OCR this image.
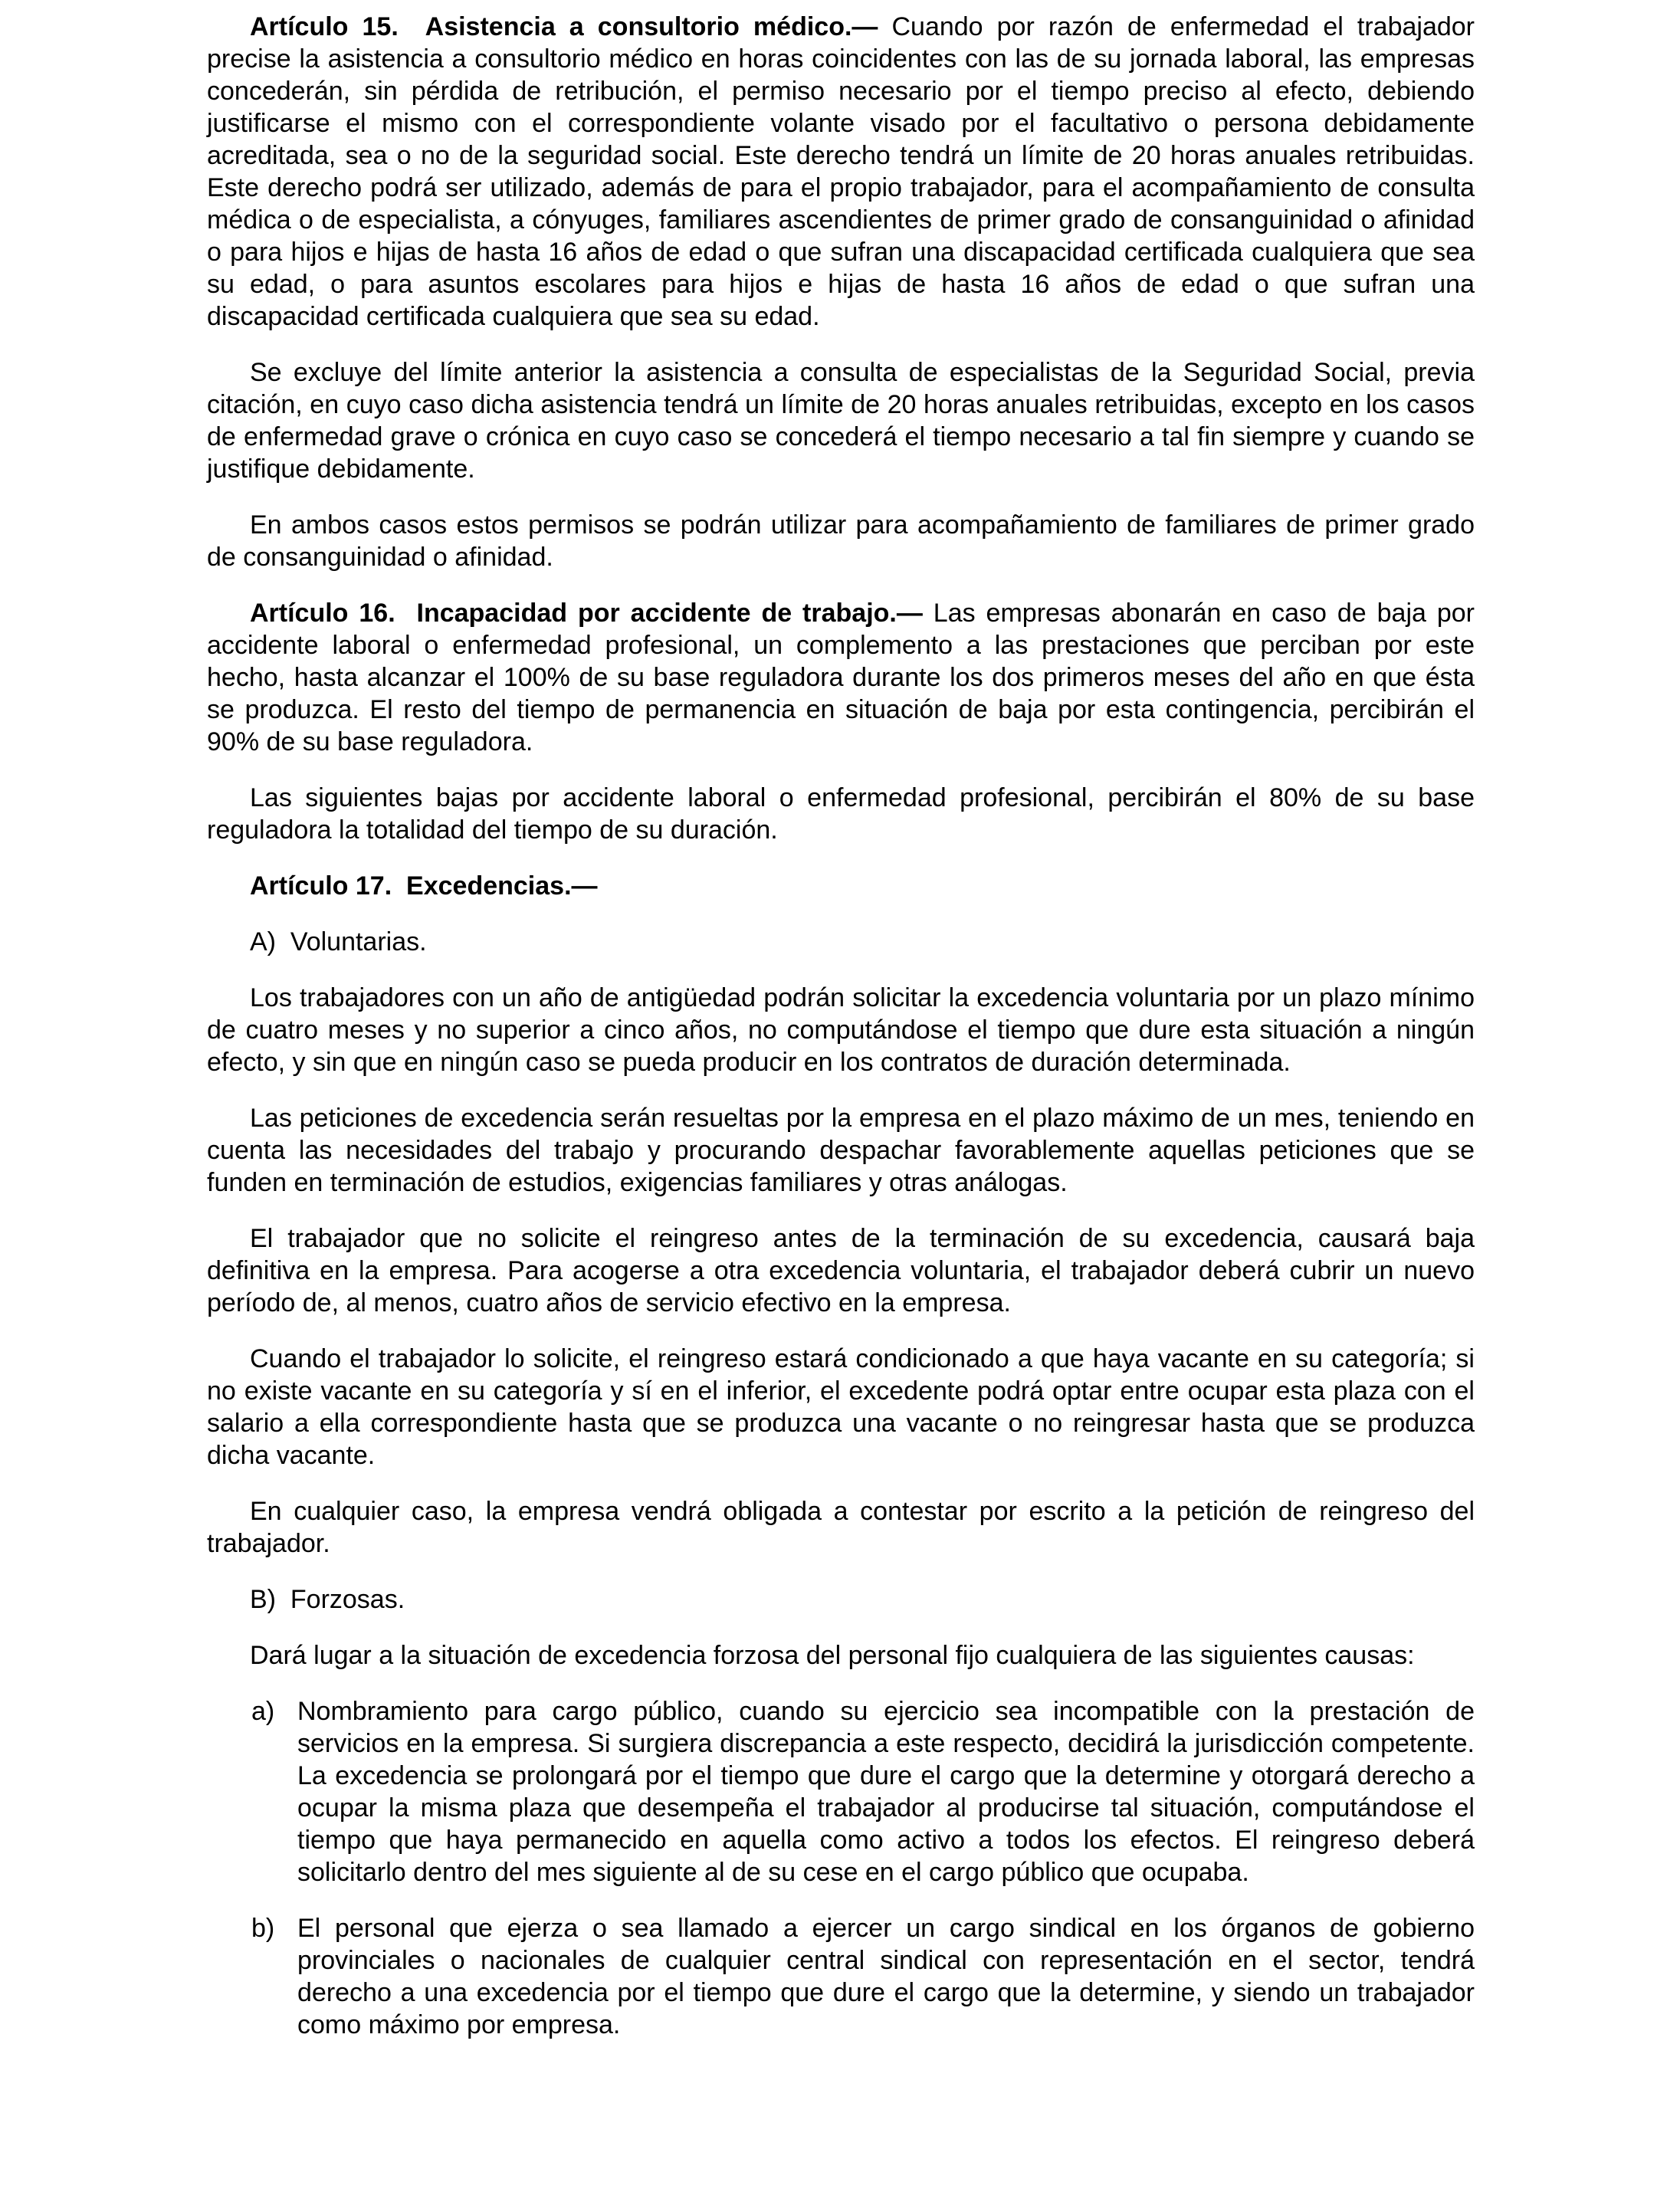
Artículo 15.  Asistencia a consultorio médico.— Cuando por razón de enfermedad el trabajador precise la asistencia a consultorio médico en horas coincidentes con las de su jornada laboral, las empresas concederán, sin pérdida de retribución, el permiso necesario por el tiempo preciso al efecto, debiendo justificarse el mismo con el correspondiente volante visado por el facultativo o persona debidamente acreditada, sea o no de la seguridad social. Este derecho tendrá un límite de 20 horas anuales retribuidas. Este derecho podrá ser utilizado, además de para el propio trabajador, para el acompañamiento de consulta médica o de especialista, a cónyuges, familiares ascendientes de primer grado de consanguinidad o afinidad o para hijos e hijas de hasta 16 años de edad o que sufran una discapacidad certificada cualquiera que sea su edad, o para asuntos escolares para hijos e hijas de hasta 16 años de edad o que sufran una discapacidad certificada cualquiera que sea su edad.

Se excluye del límite anterior la asistencia a consulta de especialistas de la Seguridad Social, previa citación, en cuyo caso dicha asistencia tendrá un límite de 20 horas anuales retribuidas, excepto en los casos de enfermedad grave o crónica en cuyo caso se concederá el tiempo necesario a tal fin siempre y cuando se justifique debidamente.

En ambos casos estos permisos se podrán utilizar para acompañamiento de familiares de primer grado de consanguinidad o afinidad.

Artículo 16.  Incapacidad por accidente de trabajo.— Las empresas abonarán en caso de baja por accidente laboral o enfermedad profesional, un complemento a las prestaciones que perciban por este hecho, hasta alcanzar el 100% de su base reguladora durante los dos primeros meses del año en que ésta se produzca. El resto del tiempo de permanencia en situación de baja por esta contingencia, percibirán el 90% de su base reguladora.

Las siguientes bajas por accidente laboral o enfermedad profesional, percibirán el 80% de su base reguladora la totalidad del tiempo de su duración.

Artículo 17.  Excedencias.—

A)  Voluntarias.

Los trabajadores con un año de antigüedad podrán solicitar la excedencia voluntaria por un plazo mínimo de cuatro meses y no superior a cinco años, no computándose el tiempo que dure esta situación a ningún efecto, y sin que en ningún caso se pueda producir en los contratos de duración determinada.

Las peticiones de excedencia serán resueltas por la empresa en el plazo máximo de un mes, teniendo en cuenta las necesidades del trabajo y procurando despachar favorablemente aquellas peticiones que se funden en terminación de estudios, exigencias familiares y otras análogas.

El trabajador que no solicite el reingreso antes de la terminación de su excedencia, causará baja definitiva en la empresa. Para acogerse a otra excedencia voluntaria, el trabajador deberá cubrir un nuevo período de, al menos, cuatro años de servicio efectivo en la empresa.

Cuando el trabajador lo solicite, el reingreso estará condicionado a que haya vacante en su categoría; si no existe vacante en su categoría y sí en el inferior, el excedente podrá optar entre ocupar esta plaza con el salario a ella correspondiente hasta que se produzca una vacante o no reingresar hasta que se produzca dicha vacante.

En cualquier caso, la empresa vendrá obligada a contestar por escrito a la petición de reingreso del trabajador.

B)  Forzosas.

Dará lugar a la situación de excedencia forzosa del personal fijo cualquiera de las siguientes causas:

a) Nombramiento para cargo público, cuando su ejercicio sea incompatible con la prestación de servicios en la empresa. Si surgiera discrepancia a este respecto, decidirá la jurisdicción competente. La excedencia se prolongará por el tiempo que dure el cargo que la determine y otorgará derecho a ocupar la misma plaza que desempeña el trabajador al producirse tal situación, computándose el tiempo que haya permanecido en aquella como activo a todos los efectos. El reingreso deberá solicitarlo dentro del mes siguiente al de su cese en el cargo público que ocupaba.
b) El personal que ejerza o sea llamado a ejercer un cargo sindical en los órganos de gobierno provinciales o nacionales de cualquier central sindical con representación en el sector, tendrá derecho a una excedencia por el tiempo que dure el cargo que la determine, y siendo un trabajador como máximo por empresa.
